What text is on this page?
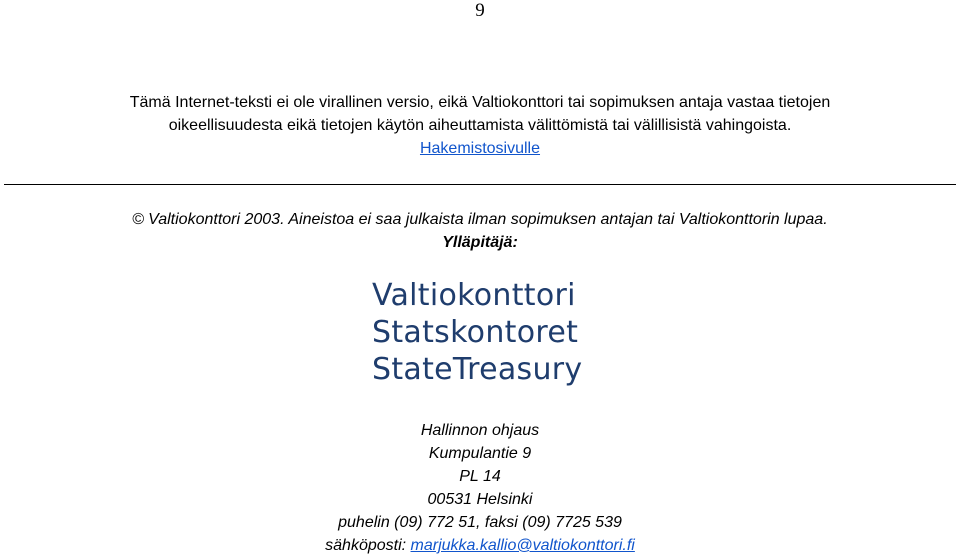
9
Tämä Internet-teksti ei ole virallinen versio, eikä Valtiokonttori tai sopimuksen antaja vastaa tietojen
oikeellisuudesta eikä tietojen käytön aiheuttamista välittömistä tai välillisistä vahingoista.
Hakemistosivulle
© Valtiokonttori 2003. Aineistoa ei saa julkaista ilman sopimuksen antajan tai Valtiokonttorin lupaa.
Ylläpitäjä:
Valtiokonttori
Statskontoret
StateTreasury
Hallinnon ohjaus
Kumpulantie 9
PL 14
00531 Helsinki
puhelin (09) 772 51, faksi (09) 7725 539
sähköposti: marjukka.kallio@valtiokonttori.fi
